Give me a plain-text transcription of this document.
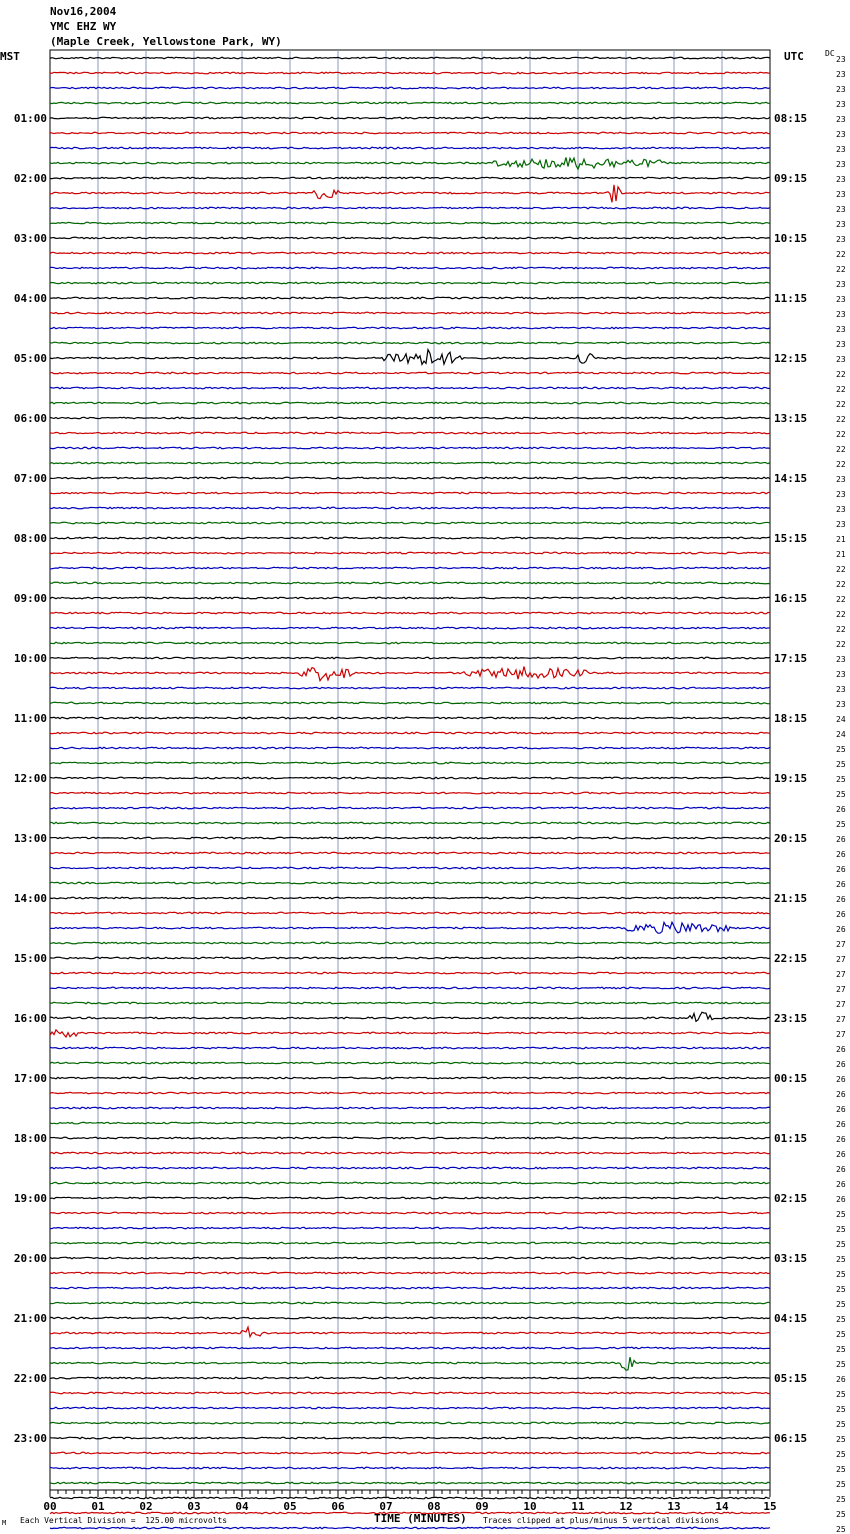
Nov16,2004
YMC EHZ WY
(Maple Creek, Yellowstone Park, WY)
MST	UTC	DC
23
23
23
23
23
23
23
23
23
23
23
23
23
22
22
23
23
23
23
23
23
22
22
22
22
22
22
22
23
23
23
23
21
21
22
22
22
22
22
22
23
23
23
23
24
24
25
25
25
25
26
25
26
26
26
26
26
26
26
27
27
27
27
27
27
27
26
26
26
26
26
26
26
26
26
26
26
25
25
25
25
25
25
25
25
25
25
25
26
25
25
25
25
25
25
25
25
25
25
01:00	08:15
02:00	09:15
03:00	10:15
04:00	11:15
05:00	12:15
06:00	13:15
07:00	14:15
08:00	15:15
09:00	16:15
10:00	17:15
11:00	18:15
12:00	19:15
13:00	20:15
14:00	21:15
15:00	22:15
16:00	23:15
17:00	00:15
18:00	01:15
19:00	02:15
20:00	03:15
21:00	04:15
22:00	05:15
23:00	06:15
00	01	02	03	04	05	06	07	08	09	10	11	12	13	14	15
M Each Vertical Division =  125.00 microvolts	TIME (MINUTES) Traces clipped at plus/minus 5 vertical divisions
